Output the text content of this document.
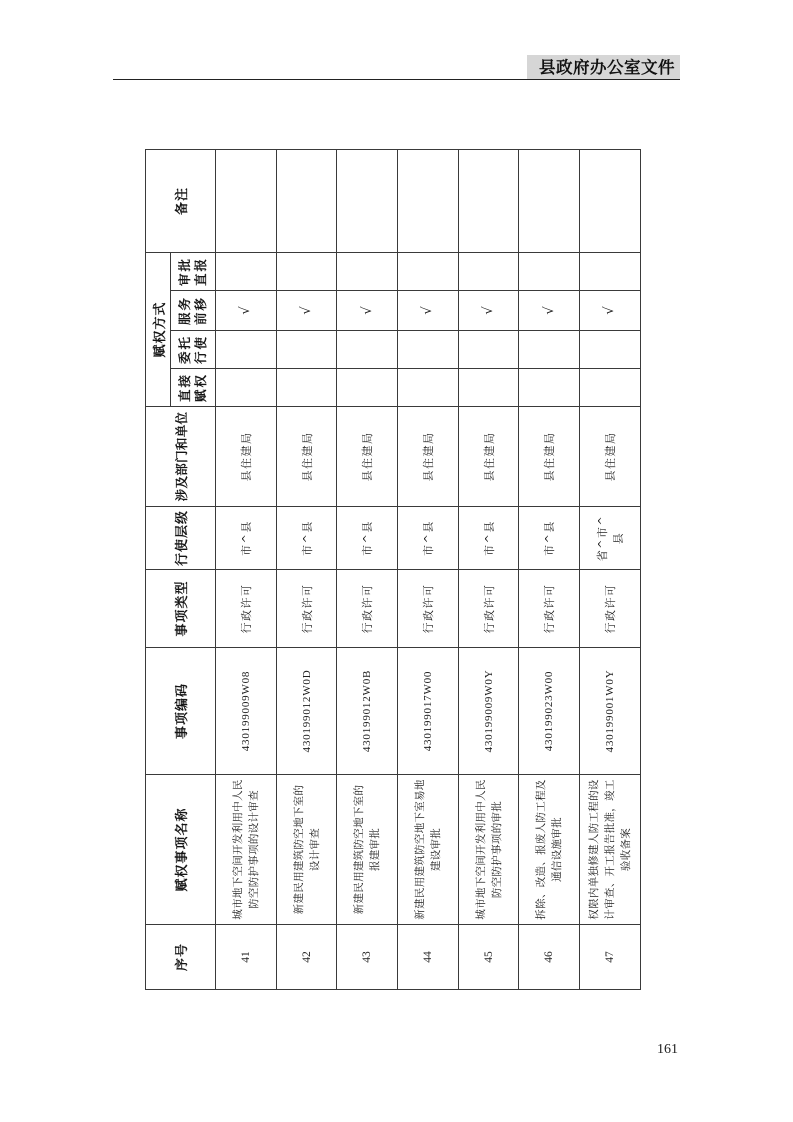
县政府办公室文件
序号	赋权事项名称	事项编码	事项类型	行使层级	涉及部门和单位	赋权方式				备注
						直接赋权	委托行使	服务前移	审批直报	
41	城市地下空间开发利用中人民 防空防护事项的设计审查	430199009W08	行政许可	市^县	县住建局			√		
42	新建民用建筑防空地下室的 设计审查	430199012W0D	行政许可	市^县	县住建局			√		
43	新建民用建筑防空地下室的 报建审批	430199012W0B	行政许可	市^县	县住建局			√		
44	新建民用建筑防空地下室易地 建设审批	430199017W00	行政许可	市^县	县住建局			√		
45	城市地下空间开发利用中人民 防空防护事项的审批	430199009W0Y	行政许可	市^县	县住建局			√		
46	拆除、改造、报废人防工程及 通信设施审批	430199023W00	行政许可	市^县	县住建局			√		
47	权限内单独修建人防工程的设 计审查、开工报告批准，竣工 验收备案	430199001W0Y	行政许可	省^市^县	县住建局			√		
161
